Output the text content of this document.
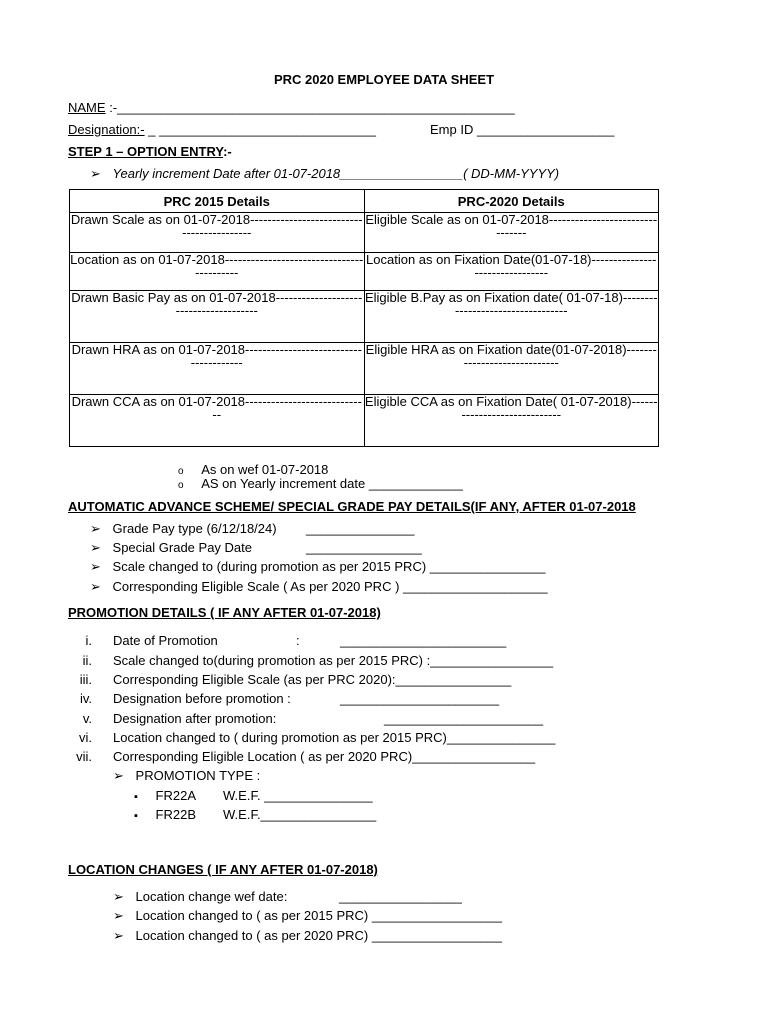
PRC 2020 EMPLOYEE DATA SHEET
NAME :-_______________________________________________________
Designation:- _ ______________________________	Emp ID ___________________
STEP 1 – OPTION ENTRY:-
➢ Yearly increment Date after 01-07-2018_________________( DD-MM-YYYY)
PRC 2015 Details	PRC-2020 Details
Drawn Scale as on 01-07-2018------------------------------------------	Eligible Scale as on 01-07-2018--------------------------------
Location as on 01-07-2018------------------------------------------	Location as on Fixation Date(01-07-18)--------------------------------
Drawn Basic Pay as on 01-07-2018---------------------------------------	Eligible B.Pay as on Fixation date( 01-07-18)----------------------------------
Drawn HRA as on 01-07-2018---------------------------------------	Eligible HRA as on Fixation date(01-07-2018)-----------------------------
Drawn CCA as on 01-07-2018-----------------------------	Eligible CCA as on Fixation Date( 01-07-2018)-----------------------------
o As on wef 01-07-2018
o AS on Yearly increment date _____________
AUTOMATIC ADVANCE SCHEME/ SPECIAL GRADE PAY DETAILS(IF ANY, AFTER 01-07-2018
➢ Grade Pay type (6/12/18/24) _______________
➢ Special Grade Pay Date	________________
➢ Scale changed to (during promotion as per 2015 PRC) ________________
➢ Corresponding Eligible Scale ( As per 2020 PRC ) ____________________
PROMOTION DETAILS ( IF ANY AFTER 01-07-2018)
i. Date of Promotion	:	_______________________
ii. Scale changed to(during promotion as per 2015 PRC) :_________________
iii. Corresponding Eligible Scale (as per PRC 2020):________________
iv. Designation before promotion :	______________________
v. Designation after promotion:	______________________
vi. Location changed to ( during promotion as per 2015 PRC)_______________
vii. Corresponding Eligible Location ( as per 2020 PRC)_________________
➢ PROMOTION TYPE :
▪ FR22A W.E.F. _______________
▪ FR22B W.E.F.________________
LOCATION CHANGES ( IF ANY AFTER 01-07-2018)
➢ Location change wef date:	_________________
➢ Location changed to ( as per 2015 PRC) __________________
➢ Location changed to ( as per 2020 PRC) __________________
